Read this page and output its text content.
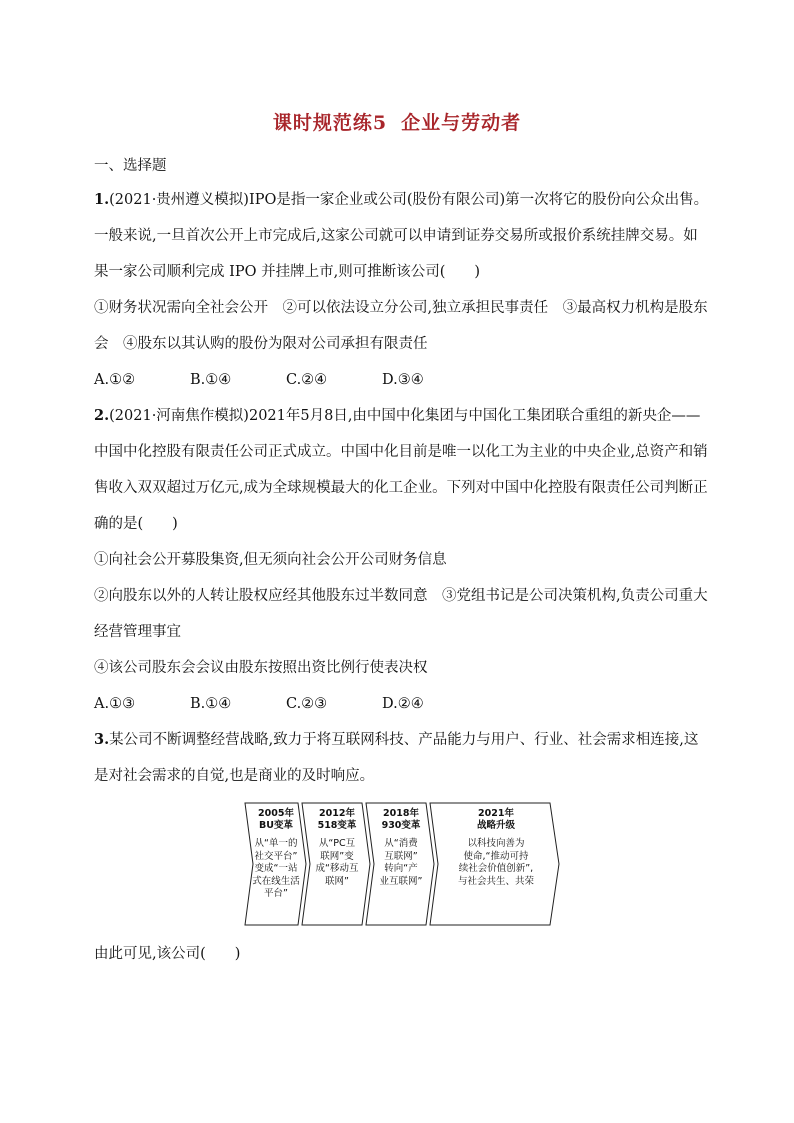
课时规范练5 企业与劳动者
一、选择题
1.(2021·贵州遵义模拟)IPO是指一家企业或公司(股份有限公司)第一次将它的股份向公众出售。
一般来说,一旦首次公开上市完成后,这家公司就可以申请到证券交易所或报价系统挂牌交易。如
果一家公司顺利完成 IPO 并挂牌上市,则可推断该公司(　　)
①财务状况需向全社会公开　②可以依法设立分公司,独立承担民事责任　③最高权力机构是股东
会　④股东以其认购的股份为限对公司承担有限责任
A.①②	B.①④	C.②④	D.③④
2.(2021·河南焦作模拟)2021年5月8日,由中国中化集团与中国化工集团联合重组的新央企——
中国中化控股有限责任公司正式成立。中国中化目前是唯一以化工为主业的中央企业,总资产和销
售收入双双超过万亿元,成为全球规模最大的化工企业。下列对中国中化控股有限责任公司判断正
确的是(　　)
①向社会公开募股集资,但无须向社会公开公司财务信息
②向股东以外的人转让股权应经其他股东过半数同意　③党组书记是公司决策机构,负责公司重大
经营管理事宜
④该公司股东会会议由股东按照出资比例行使表决权
A.①③	B.①④	C.②③	D.②④
3.某公司不断调整经营战略,致力于将互联网科技、产品能力与用户、行业、社会需求相连接,这
是对社会需求的自觉,也是商业的及时响应。
2005年
BU变革
从“单一的
社交平台”
变成“一站
式在线生活
平台”
2012年
518变革
从“PC互
联网”变
成“移动互
联网”
2018年
930变革
从“消费
互联网”
转向“产
业互联网”
2021年
战略升级
以科技向善为
使命,“推动可持
续社会价值创新”,
与社会共生、共荣
由此可见,该公司(　　)
